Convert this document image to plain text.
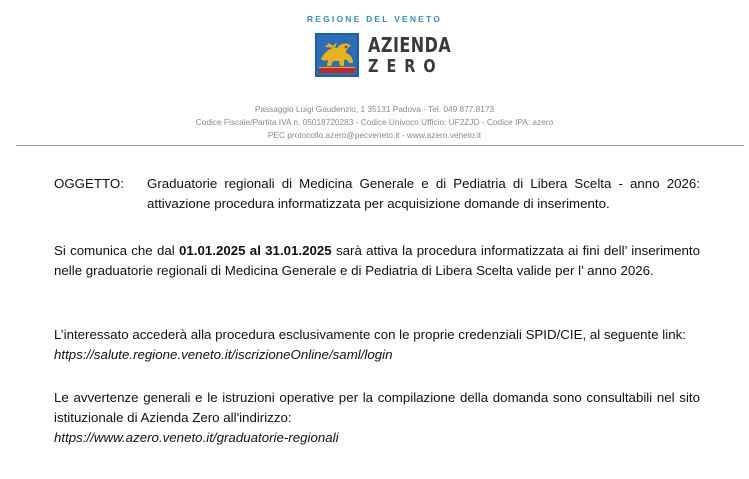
REGIONE DEL VENETO
AZIENDA
ZERO
Passaggio Luigi Gaudenzio, 1 35131 Padova - Tel. 049 877.8173
Codice Fiscale/Partita IVA n. 05018720283 - Codice Univoco Ufficio: UF2ZJD - Codice IPA: azero
PEC protocollo.azero@pecveneto.it - www.azero.veneto.it
OGGETTO:	Graduatorie regionali di Medicina Generale e di Pediatria di Libera Scelta - anno 2026: attivazione procedura informatizzata per acquisizione domande di inserimento.
Si comunica che dal 01.01.2025 al 31.01.2025 sarà attiva la procedura informatizzata ai fini dell’ inserimento nelle graduatorie regionali di Medicina Generale e di Pediatria di Libera Scelta valide per l’ anno 2026.
L’interessato accederà alla procedura esclusivamente con le proprie credenziali SPID/CIE, al seguente link:
https://salute.regione.veneto.it/iscrizioneOnline/saml/login
Le avvertenze generali e le istruzioni operative per la compilazione della domanda sono consultabili nel sito istituzionale di Azienda Zero all'indirizzo:
https://www.azero.veneto.it/graduatorie-regionali
